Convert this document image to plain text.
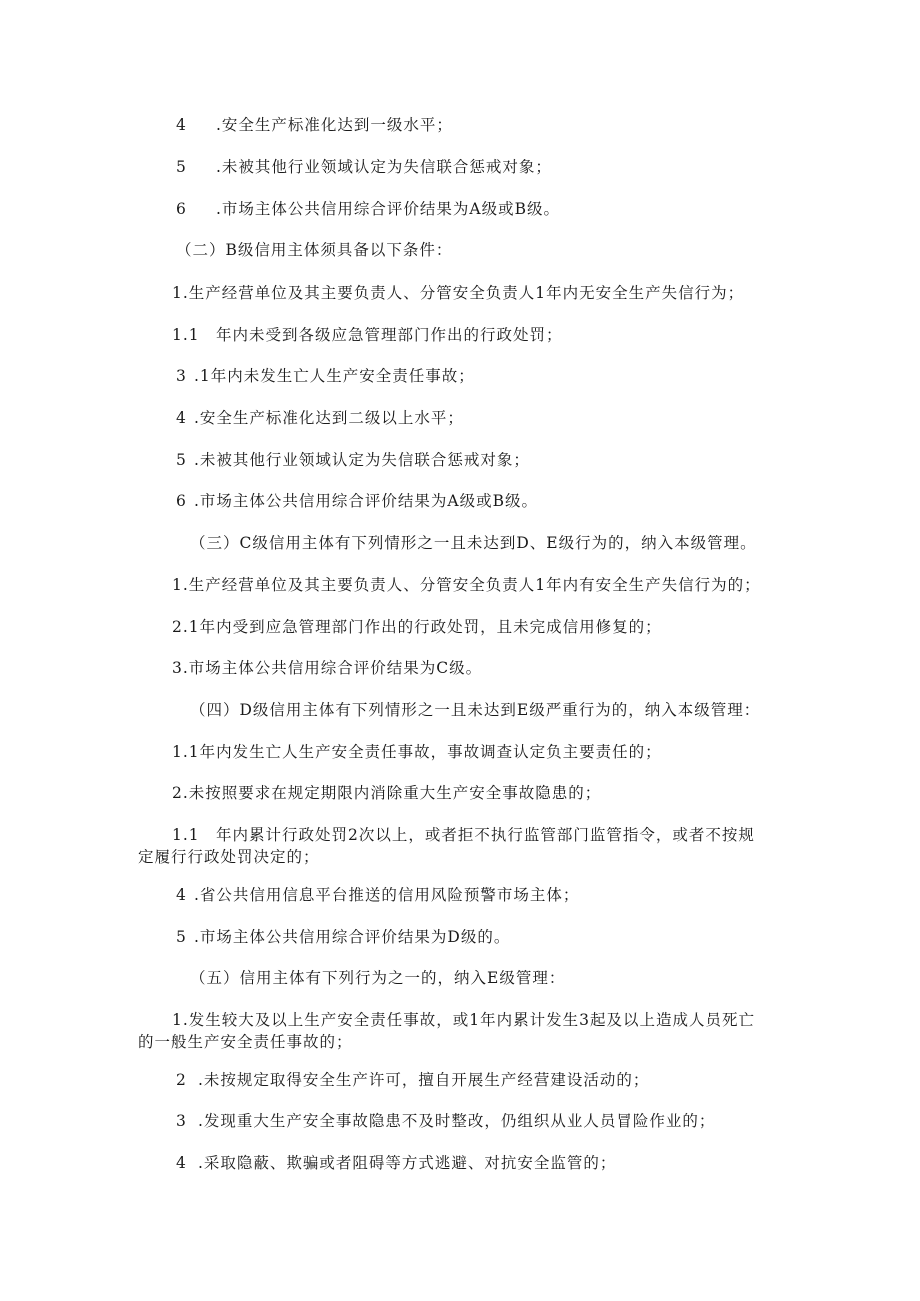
4 .安全生产标准化达到一级水平；
5 .未被其他行业领域认定为失信联合惩戒对象；
6 .市场主体公共信用综合评价结果为A级或B级。
（二）B级信用主体须具备以下条件：
1.生产经营单位及其主要负责人、分管安全负责人1年内无安全生产失信行为；
1.1 年内未受到各级应急管理部门作出的行政处罚；
3 .1年内未发生亡人生产安全责任事故；
4 .安全生产标准化达到二级以上水平；
5 .未被其他行业领域认定为失信联合惩戒对象；
6 .市场主体公共信用综合评价结果为A级或B级。
（三）C级信用主体有下列情形之一且未达到D、E级行为的，纳入本级管理。
1.生产经营单位及其主要负责人、分管安全负责人1年内有安全生产失信行为的；
2.1年内受到应急管理部门作出的行政处罚，且未完成信用修复的；
3.市场主体公共信用综合评价结果为C级。
（四）D级信用主体有下列情形之一且未达到E级严重行为的，纳入本级管理：
1.1年内发生亡人生产安全责任事故，事故调查认定负主要责任的；
2.未按照要求在规定期限内消除重大生产安全事故隐患的；
1.1 年内累计行政处罚2次以上，或者拒不执行监管部门监管指令，或者不按规
定履行行政处罚决定的；
4 .省公共信用信息平台推送的信用风险预警市场主体；
5 .市场主体公共信用综合评价结果为D级的。
（五）信用主体有下列行为之一的，纳入E级管理：
1.发生较大及以上生产安全责任事故，或1年内累计发生3起及以上造成人员死亡
的一般生产安全责任事故的；
2 .未按规定取得安全生产许可，擅自开展生产经营建设活动的；
3 .发现重大生产安全事故隐患不及时整改，仍组织从业人员冒险作业的；
4 .采取隐蔽、欺骗或者阻碍等方式逃避、对抗安全监管的；
